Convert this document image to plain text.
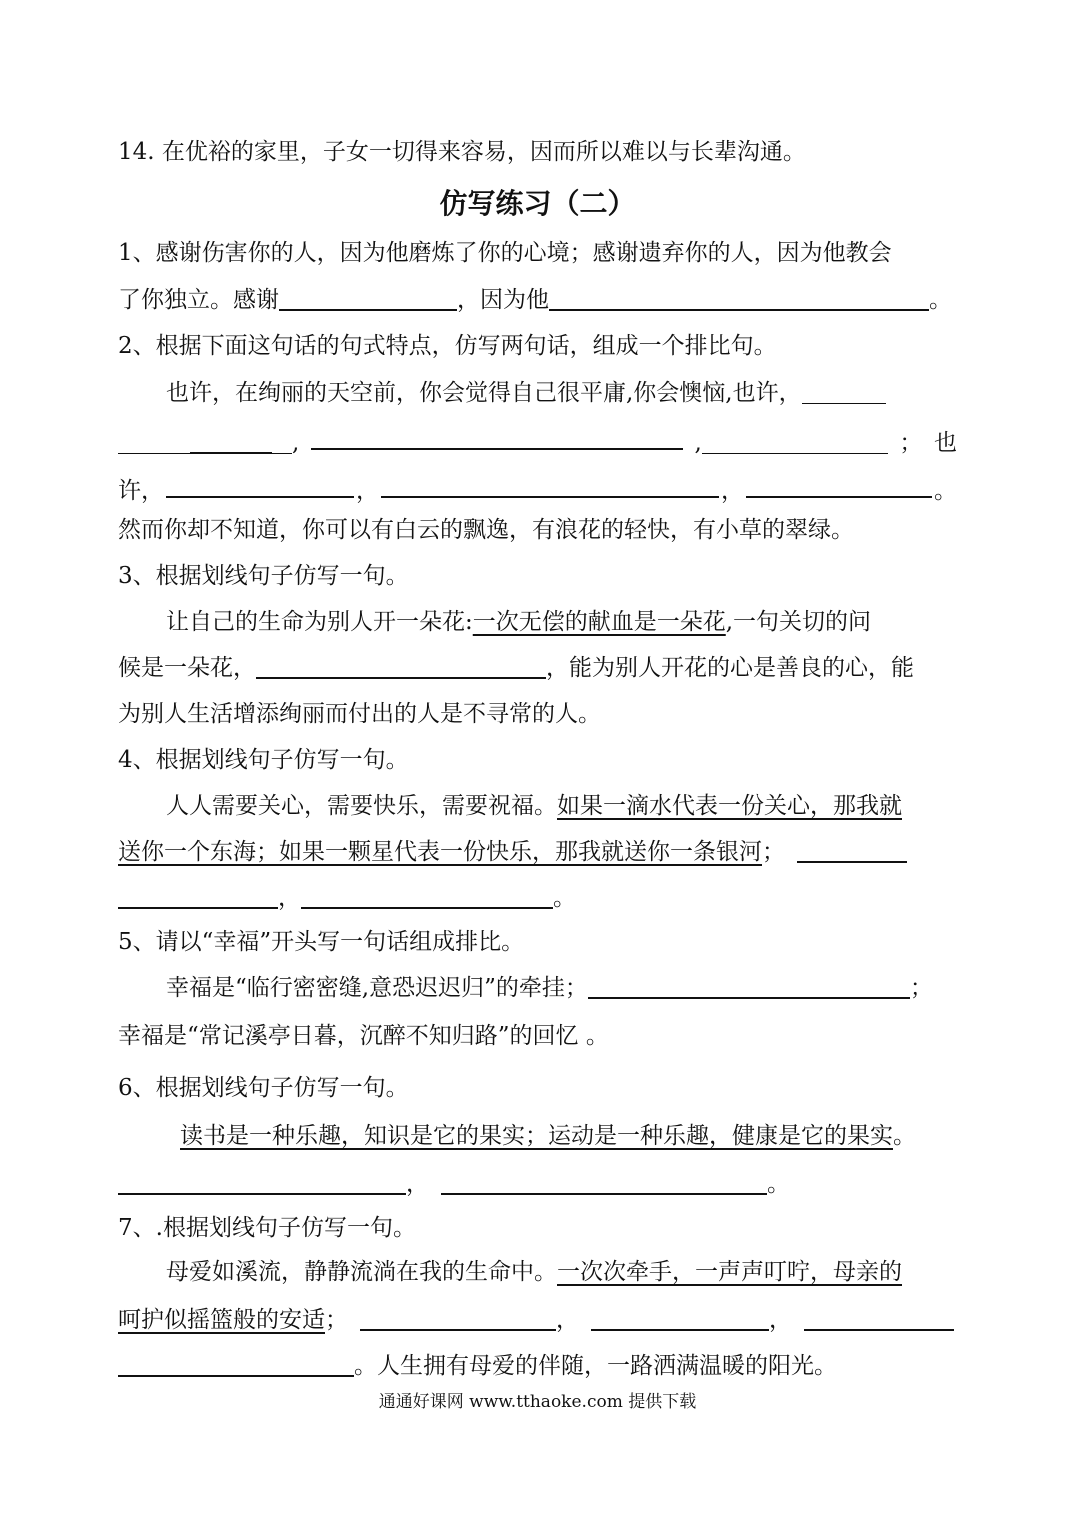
14. 在优裕的家里，子女一切得来容易，因而所以难以与长辈沟通。
仿写练习（二）
1、感谢伤害你的人，因为他磨炼了你的心境；感谢遗弃你的人，因为他教会
了你独立。感谢	，因为他	。
2、根据下面这句话的句式特点，仿写两句话，组成一个排比句。
也许，在绚丽的天空前，你会觉得自己很平庸,你会懊恼,也许，
,	,	； 也
许，	，	，	。
然而你却不知道，你可以有白云的飘逸，有浪花的轻快，有小草的翠绿。
3、根据划线句子仿写一句。
让自己的生命为别人开一朵花:一次无偿的献血是一朵花,一句关切的问
候是一朵花，	，能为别人开花的心是善良的心，能
为别人生活增添绚丽而付出的人是不寻常的人。
4、根据划线句子仿写一句。
人人需要关心，需要快乐，需要祝福。如果一滴水代表一份关心，那我就
送你一个东海；如果一颗星代表一份快乐，那我就送你一条银河；
，	。
5、请以“幸福”开头写一句话组成排比。
幸福是“临行密密缝,意恐迟迟归”的牵挂；	；
幸福是“常记溪亭日暮，沉醉不知归路”的回忆 。
6、根据划线句子仿写一句。
读书是一种乐趣，知识是它的果实；运动是一种乐趣，健康是它的果实。
，	。
7、.根据划线句子仿写一句。
母爱如溪流，静静流淌在我的生命中。一次次牵手，一声声叮咛，母亲的
呵护似摇篮般的安适；	，	，
。人生拥有母爱的伴随，一路洒满温暖的阳光。
通通好课网 www.tthaoke.com 提供下载
